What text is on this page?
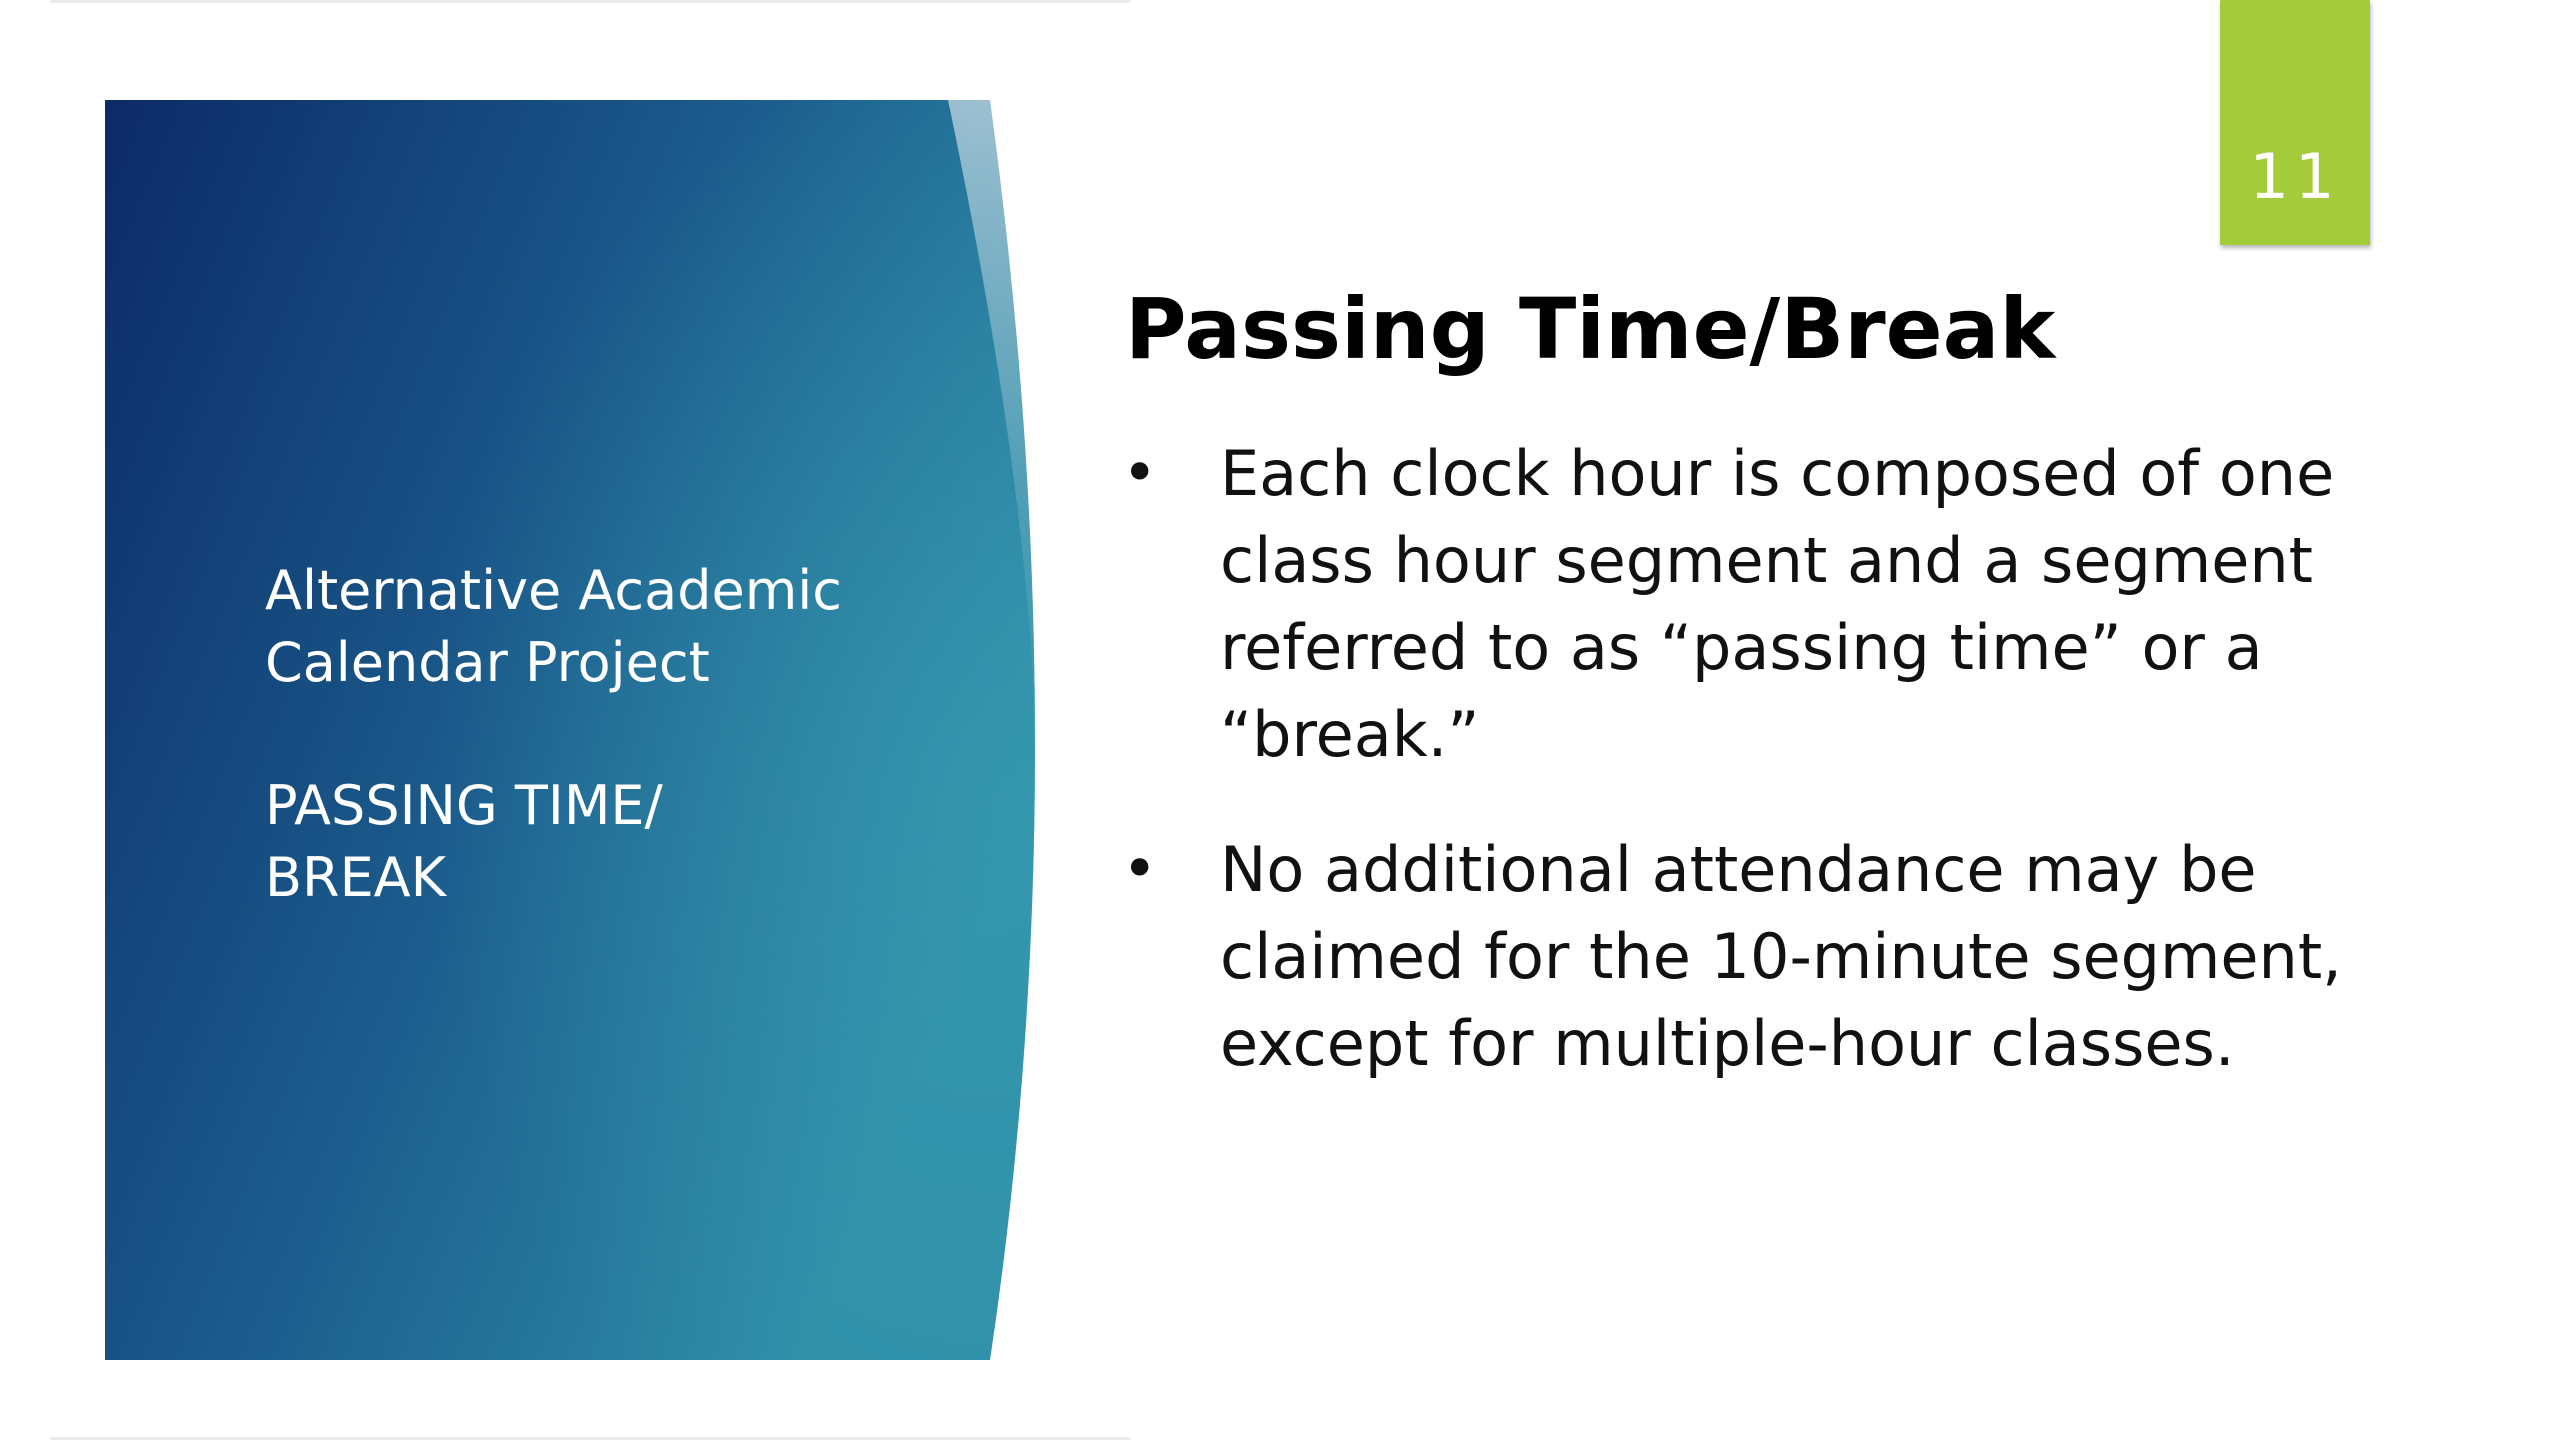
Alternative Academic
Calendar Project
PASSING TIME/
BREAK
11
Passing Time/Break
• Each clock hour is composed of one
class hour segment and a segment
referred to as “passing time” or a
“break.”
• No additional attendance may be
claimed for the 10-minute segment,
except for multiple-hour classes.
